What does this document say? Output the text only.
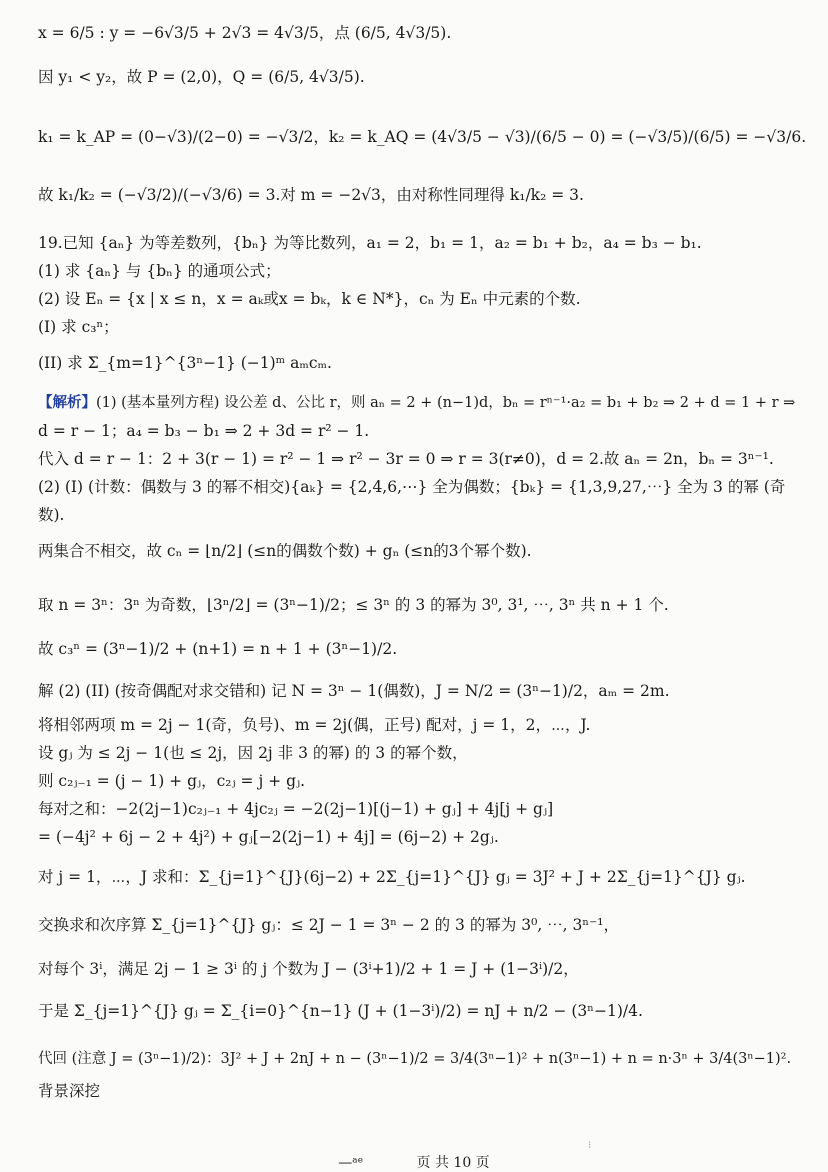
x = 6/5 : y = −6√3/5 + 2√3 = 4√3/5，点 (6/5, 4√3/5).
因 y₁ < y₂，故 P = (2,0)，Q = (6/5, 4√3/5).
k₁ = k_AP = (0−√3)/(2−0) = −√3/2，k₂ = k_AQ = (4√3/5 − √3)/(6/5 − 0) = (−√3/5)/(6/5) = −√3/6.
故 k₁/k₂ = (−√3/2)/(−√3/6) = 3.对 m = −2√3，由对称性同理得 k₁/k₂ = 3.
19.已知 {aₙ} 为等差数列，{bₙ} 为等比数列，a₁ = 2，b₁ = 1，a₂ = b₁ + b₂，a₄ = b₃ − b₁.
(1) 求 {aₙ} 与 {bₙ} 的通项公式；
(2) 设 Eₙ = {x | x ≤ n，x = aₖ或x = bₖ，k ∈ N*}，cₙ 为 Eₙ 中元素的个数.
(I) 求 c₃ⁿ；
(II) 求 Σ_{m=1}^{3ⁿ−1} (−1)ᵐ aₘcₘ.
【解析】(1) (基本量列方程) 设公差 d、公比 r，则 aₙ = 2 + (n−1)d，bₙ = rⁿ⁻¹·a₂ = b₁ + b₂ ⇒ 2 + d = 1 + r ⇒
d = r − 1；a₄ = b₃ − b₁ ⇒ 2 + 3d = r² − 1.
代入 d = r − 1：2 + 3(r − 1) = r² − 1 ⇒ r² − 3r = 0 ⇒ r = 3(r≠0)，d = 2.故 aₙ = 2n，bₙ = 3ⁿ⁻¹.
(2) (I) (计数：偶数与 3 的幂不相交){aₖ} = {2,4,6,⋯} 全为偶数；{bₖ} = {1,3,9,27,⋯} 全为 3 的幂 (奇
数).
两集合不相交，故 cₙ = ⌊n/2⌋ (≤n的偶数个数) + gₙ (≤n的3个幂个数).
取 n = 3ⁿ：3ⁿ 为奇数，⌊3ⁿ/2⌋ = (3ⁿ−1)/2；≤ 3ⁿ 的 3 的幂为 3⁰, 3¹, ⋯, 3ⁿ 共 n + 1 个.
故 c₃ⁿ = (3ⁿ−1)/2 + (n+1) = n + 1 + (3ⁿ−1)/2.
解 (2) (II) (按奇偶配对求交错和) 记 N = 3ⁿ − 1(偶数)，J = N/2 = (3ⁿ−1)/2，aₘ = 2m.
将相邻两项 m = 2j − 1(奇，负号)、m = 2j(偶，正号) 配对，j = 1，2，⋯，J.
设 gⱼ 为 ≤ 2j − 1(也 ≤ 2j，因 2j 非 3 的幂) 的 3 的幂个数，
则 c₂ⱼ₋₁ = (j − 1) + gⱼ，c₂ⱼ = j + gⱼ.
每对之和：−2(2j−1)c₂ⱼ₋₁ + 4jc₂ⱼ = −2(2j−1)[(j−1) + gⱼ] + 4j[j + gⱼ]
= (−4j² + 6j − 2 + 4j²) + gⱼ[−2(2j−1) + 4j] = (6j−2) + 2gⱼ.
对 j = 1，⋯，J 求和：Σ_{j=1}^{J}(6j−2) + 2Σ_{j=1}^{J} gⱼ = 3J² + J + 2Σ_{j=1}^{J} gⱼ.
交换求和次序算 Σ_{j=1}^{J} gⱼ：≤ 2J − 1 = 3ⁿ − 2 的 3 的幂为 3⁰, ⋯, 3ⁿ⁻¹，
对每个 3ⁱ，满足 2j − 1 ≥ 3ⁱ 的 j 个数为 J − (3ⁱ+1)/2 + 1 = J + (1−3ⁱ)/2，
于是 Σ_{j=1}^{J} gⱼ = Σ_{i=0}^{n−1} (J + (1−3ⁱ)/2) = nJ + n/2 − (3ⁿ−1)/4.
代回 (注意 J = (3ⁿ−1)/2)：3J² + J + 2nJ + n − (3ⁿ−1)/2 = 3/4(3ⁿ−1)² + n(3ⁿ−1) + n = n·3ⁿ + 3/4(3ⁿ−1)².
背景深挖
⁝
—ᵃᵉ            页 共 10 页
